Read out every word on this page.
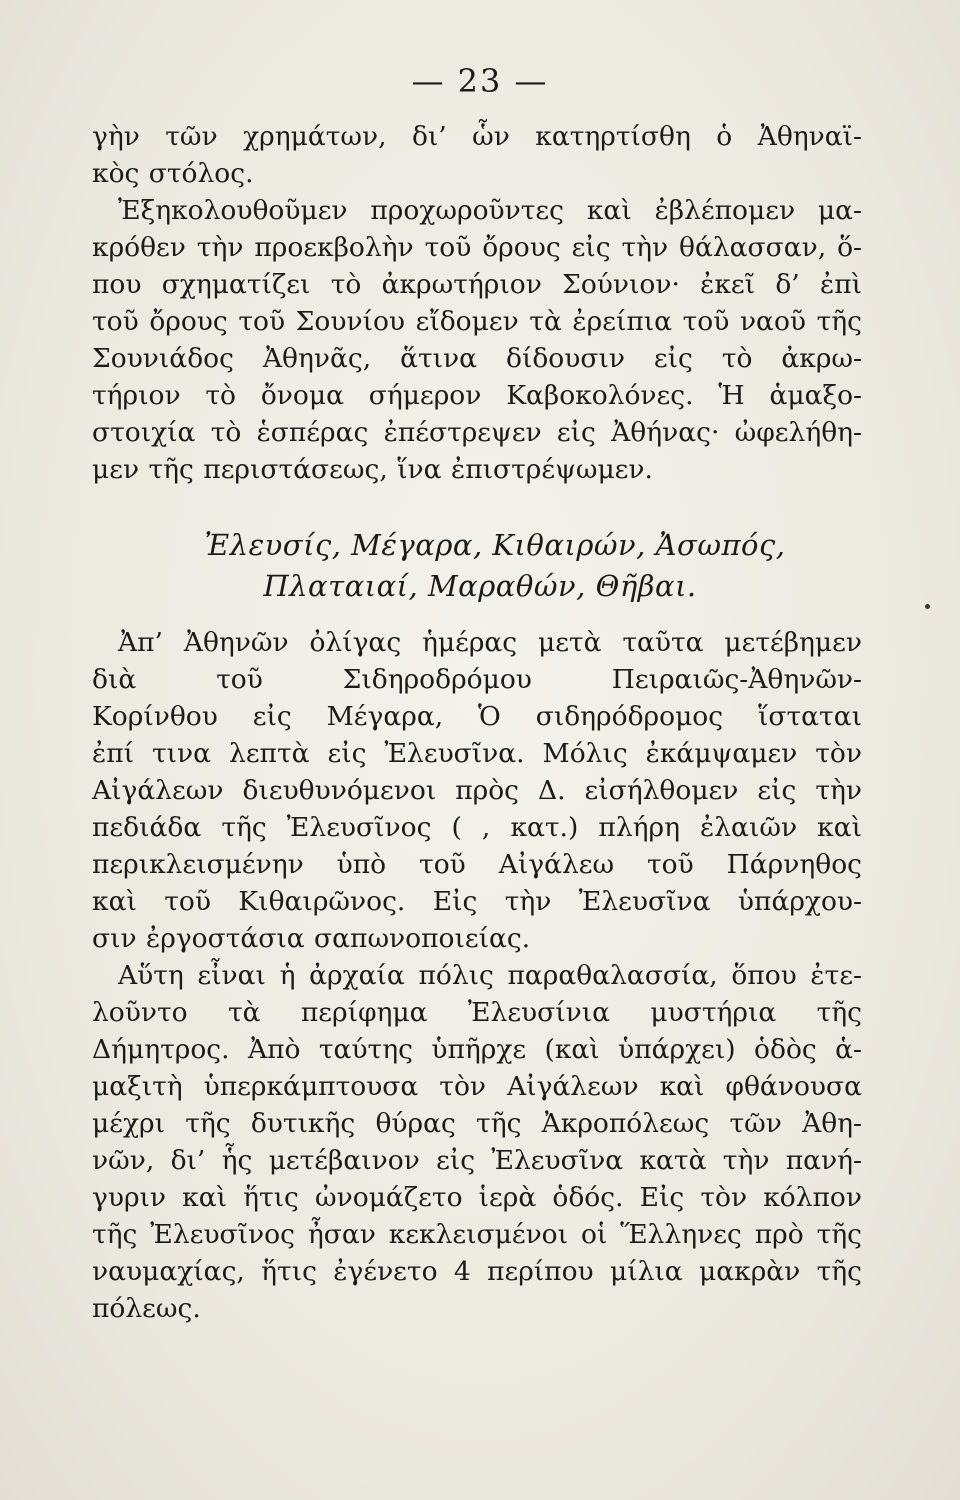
— 23 —
γὴν τῶν χρημάτων, δι’ ὧν κατηρτίσθη ὁ Ἀθηναϊ-
κὸς στόλος.
Ἐξηκολουθοῦμεν προχωροῦντες καὶ ἐβλέπομεν μα-
κρόθεν τὴν προεκβολὴν τοῦ ὄρους εἰς τὴν θάλασσαν, ὅ-
που σχηματίζει τὸ ἀκρωτήριον Σούνιον· ἐκεῖ δ’ ἐπὶ
τοῦ ὄρους τοῦ Σουνίου εἴδομεν τὰ ἐρείπια τοῦ ναοῦ τῆς
Σουνιάδος Ἀθηνᾶς, ἅτινα δίδουσιν εἰς τὸ ἀκρω-
τήριον τὸ ὄνομα σήμερον Καβοκολόνες. Ἡ ἁμαξο-
στοιχία τὸ ἑσπέρας ἐπέστρεψεν εἰς Ἀθήνας· ὠφελήθη-
μεν τῆς περιστάσεως, ἵνα ἐπιστρέψωμεν.
Ἐλευσίς, Μέγαρα, Κιθαιρών, Ἀσωπός,
Πλαταιαί, Μαραθών, Θῆβαι.
Ἀπ’ Ἀθηνῶν ὀλίγας ἡμέρας μετὰ ταῦτα μετέβημεν
διὰ τοῦ Σιδηροδρόμου Πειραιῶς-Ἀθηνῶν-
Κορίνθου εἰς Μέγαρα, Ὁ σιδηρόδρομος ἵσταται
ἐπί τινα λεπτὰ εἰς Ἐλευσῖνα. Μόλις ἐκάμψαμεν τὸν
Αἰγάλεων διευθυνόμενοι πρὸς Δ. εἰσήλθομεν εἰς τὴν
πεδιάδα τῆς Ἐλευσῖνος ( , κατ.) πλήρη ἐλαιῶν καὶ
περικλεισμένην ὑπὸ τοῦ Αἰγάλεω τοῦ Πάρνηθος
καὶ τοῦ Κιθαιρῶνος. Εἰς τὴν Ἐλευσῖνα ὑπάρχου-
σιν ἐργοστάσια σαπωνοποιείας.
Αὕτη εἶναι ἡ ἀρχαία πόλις παραθαλασσία, ὅπου ἐτε-
λοῦντο τὰ περίφημα Ἐλευσίνια μυστήρια τῆς
Δήμητρος. Ἀπὸ ταύτης ὑπῆρχε (καὶ ὑπάρχει) ὁδὸς ἁ-
μαξιτὴ ὑπερκάμπτουσα τὸν Αἰγάλεων καὶ φθάνουσα
μέχρι τῆς δυτικῆς θύρας τῆς Ἀκροπόλεως τῶν Ἀθη-
νῶν, δι’ ἧς μετέβαινον εἰς Ἐλευσῖνα κατὰ τὴν πανή-
γυριν καὶ ἥτις ὠνομάζετο ἱερὰ ὁδός. Εἰς τὸν κόλπον
τῆς Ἐλευσῖνος ἦσαν κεκλεισμένοι οἱ Ἕλληνες πρὸ τῆς
ναυμαχίας, ἥτις ἐγένετο 4 περίπου μίλια μακρὰν τῆς
πόλεως.
